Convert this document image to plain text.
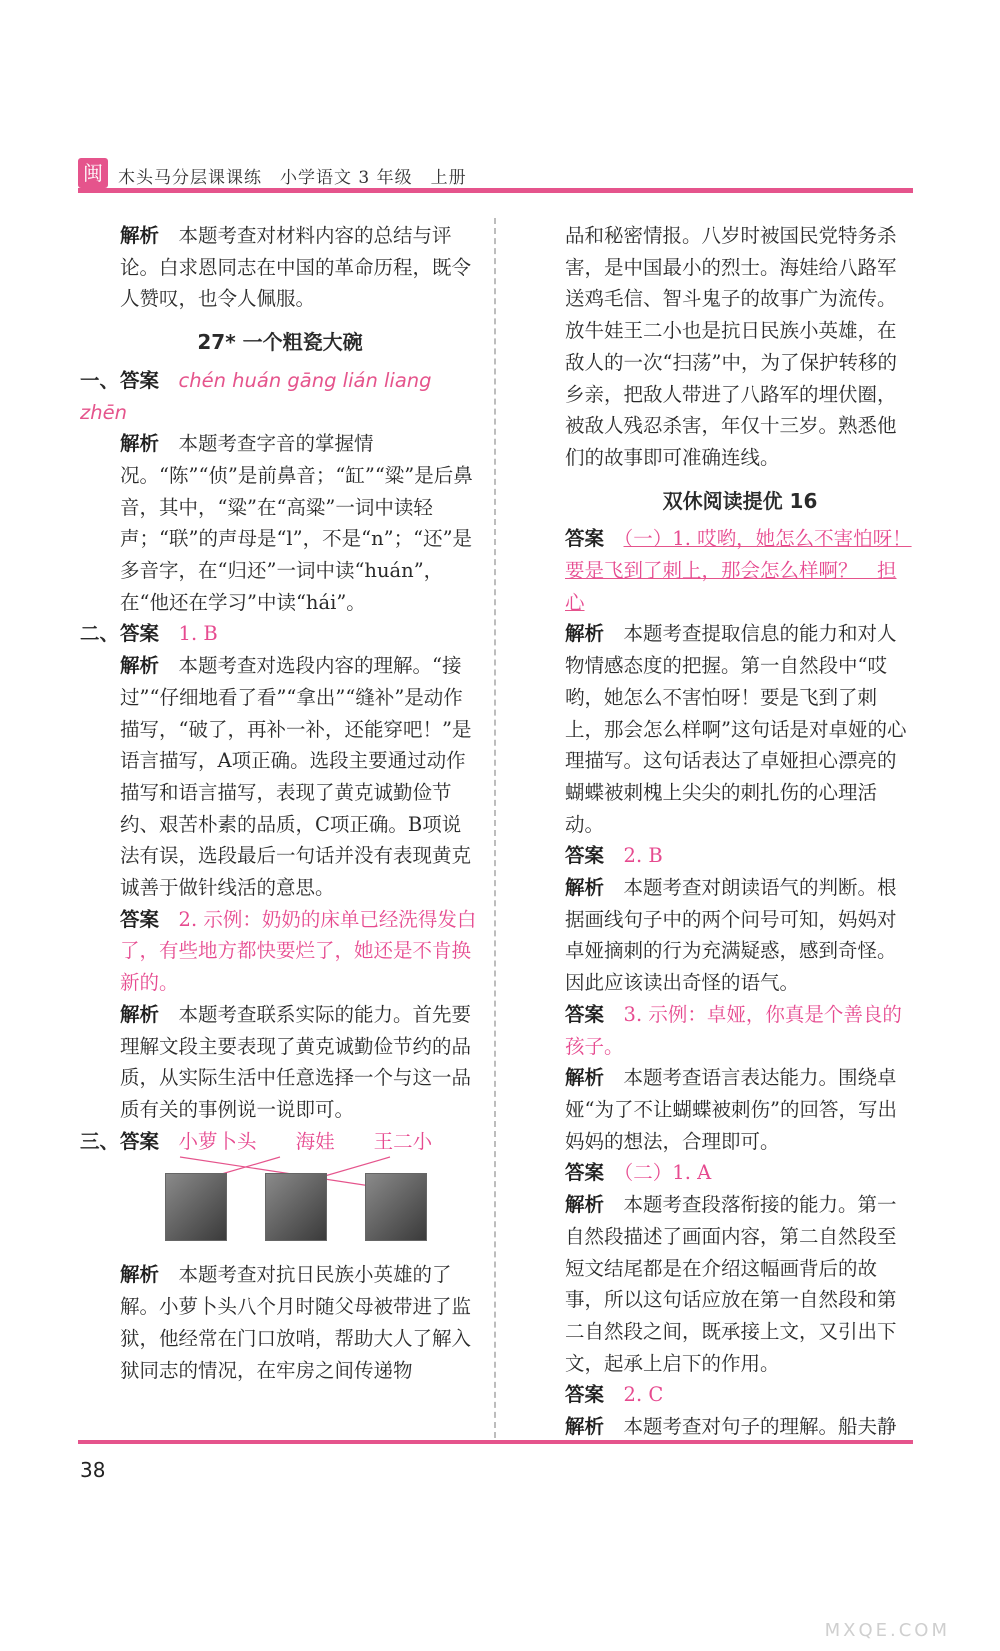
闽 木头马分层课课练　小学语文 3 年级　上册

解析　 本题考查对材料内容的总结与评论。白求恩同志在中国的革命历程，既令人赞叹，也令人佩服。

27* 一个粗瓷大碗

一、答案　 chén huán gāng lián liang zhēn

解析　 本题考查字音的掌握情况。“陈”“侦”是前鼻音；“缸”“粱”是后鼻音，其中，“粱”在“高粱”一词中读轻声；“联”的声母是“l”，不是“n”；“还”是多音字，在“归还”一词中读“huán”，在“他还在学习”中读“hái”。

二、答案　 1. B

解析　 本题考查对选段内容的理解。“接过”“仔细地看了看”“拿出”“缝补”是动作描写，“破了，再补一补，还能穿吧！”是语言描写，A项正确。选段主要通过动作描写和语言描写，表现了黄克诚勤俭节约、艰苦朴素的品质，C项正确。B项说法有误，选段最后一句话并没有表现黄克诚善于做针线活的意思。

答案　 2. 示例：奶奶的床单已经洗得发白了，有些地方都快要烂了，她还是不肯换新的。

解析　 本题考查联系实际的能力。首先要理解文段主要表现了黄克诚勤俭节约的品质，从实际生活中任意选择一个与这一品质有关的事例说一说即可。

三、答案　 小萝卜头　　 海娃　　 王二小

解析　 本题考查对抗日民族小英雄的了解。小萝卜头八个月时随父母被带进了监狱，他经常在门口放哨，帮助大人了解入狱同志的情况，在牢房之间传递物

品和秘密情报。八岁时被国民党特务杀害，是中国最小的烈士。海娃给八路军送鸡毛信、智斗鬼子的故事广为流传。放牛娃王二小也是抗日民族小英雄，在敌人的一次“扫荡”中，为了保护转移的乡亲，把敌人带进了八路军的埋伏圈，被敌人残忍杀害，年仅十三岁。熟悉他们的故事即可准确连线。

双休阅读提优 16

答案　 （一）1. 哎哟，她怎么不害怕呀！要是飞到了刺上，那会怎么样啊？　担心

解析　 本题考查提取信息的能力和对人物情感态度的把握。第一自然段中“哎哟，她怎么不害怕呀！要是飞到了刺上，那会怎么样啊”这句话是对卓娅的心理描写。这句话表达了卓娅担心漂亮的蝴蝶被刺槐上尖尖的刺扎伤的心理活动。

答案　 2. B

解析　 本题考查对朗读语气的判断。根据画线句子中的两个问号可知，妈妈对卓娅摘刺的行为充满疑惑，感到奇怪。因此应该读出奇怪的语气。

答案　 3. 示例：卓娅，你真是个善良的孩子。

解析　 本题考查语言表达能力。围绕卓娅“为了不让蝴蝶被刺伤”的回答，写出妈妈的想法，合理即可。

答案　 （二）1. A

解析　 本题考查段落衔接的能力。第一自然段描述了画面内容，第二自然段至短文结尾都是在介绍这幅画背后的故事，所以这句话应放在第一自然段和第二自然段之间，既承接上文，又引出下文，起承上启下的作用。

答案　 2. C

解析　 本题考查对句子的理解。船夫静

38
MXQE.COM
